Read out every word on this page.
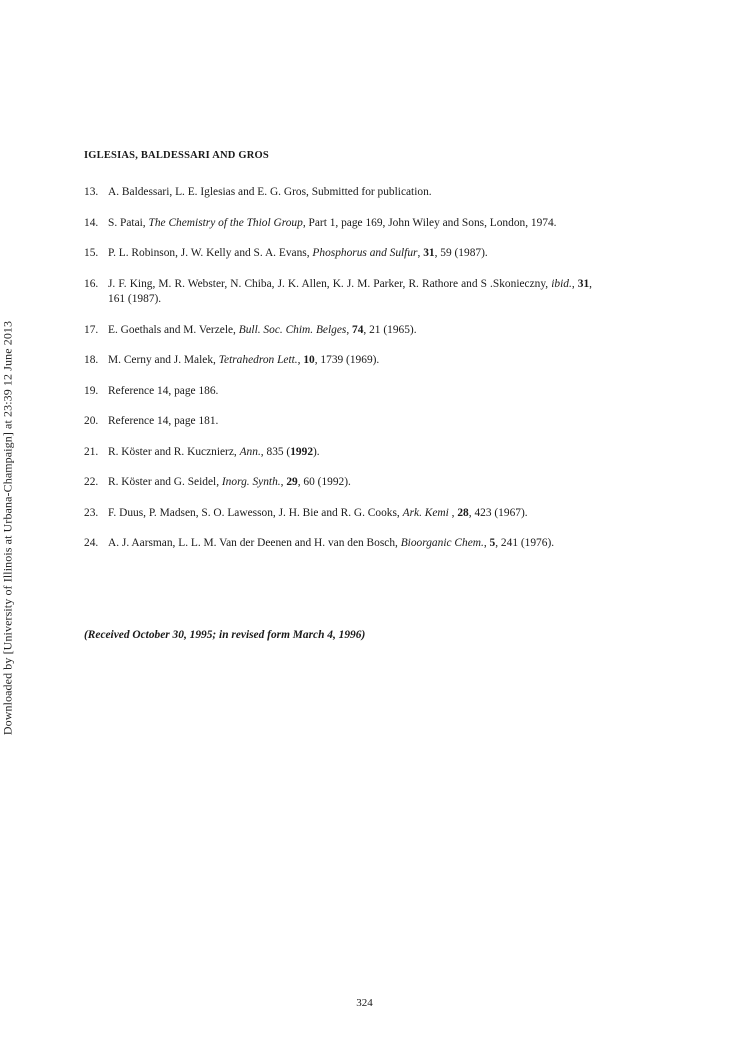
Downloaded by [University of Illinois at Urbana-Champaign] at 23:39 12 June 2013
IGLESIAS, BALDESSARI AND GROS
13. A. Baldessari, L. E. Iglesias and E. G. Gros, Submitted for publication.
14. S. Patai, The Chemistry of the Thiol Group, Part 1, page 169, John Wiley and Sons, London, 1974.
15. P. L. Robinson, J. W. Kelly and S. A. Evans, Phosphorus and Sulfur, 31, 59 (1987).
16. J. F. King, M. R. Webster, N. Chiba, J. K. Allen, K. J. M. Parker, R. Rathore and S .Skonieczny, ibid., 31, 161 (1987).
17. E. Goethals and M. Verzele, Bull. Soc. Chim. Belges, 74, 21 (1965).
18. M. Cerny and J. Malek, Tetrahedron Lett., 10, 1739 (1969).
19. Reference 14, page 186.
20. Reference 14, page 181.
21. R. Köster and R. Kucznierz, Ann., 835 (1992).
22. R. Köster and G. Seidel, Inorg. Synth., 29, 60 (1992).
23. F. Duus, P. Madsen, S. O. Lawesson, J. H. Bie and R. G. Cooks, Ark. Kemi , 28, 423 (1967).
24. A. J. Aarsman, L. L. M. Van der Deenen and H. van den Bosch, Bioorganic Chem., 5, 241 (1976).
(Received October 30, 1995; in revised form March 4, 1996)
324
